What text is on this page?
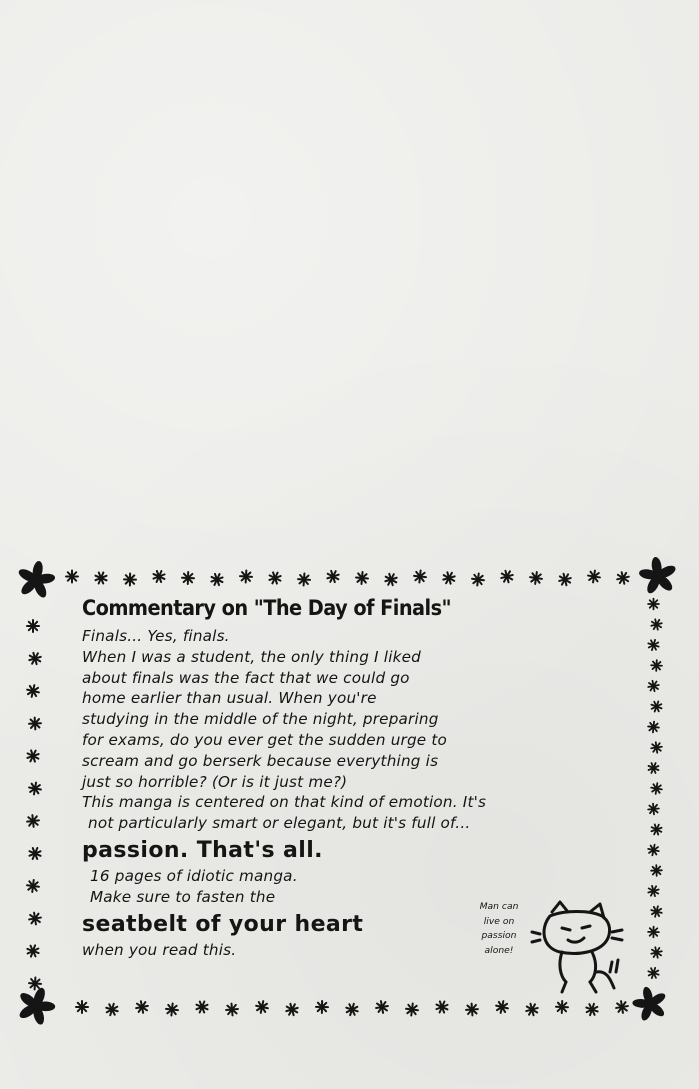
Commentary on "The Day of Finals"
Finals... Yes, finals.
When I was a student, the only thing I liked
about finals was the fact that we could go
home earlier than usual. When you're
studying in the middle of the night, preparing
for exams, do you ever get the sudden urge to
scream and go berserk because everything is
just so horrible? (Or is it just me?)
This manga is centered on that kind of emotion. It's
not particularly smart or elegant, but it's full of...
passion. That's all.
16 pages of idiotic manga.
Make sure to fasten the
seatbelt of your heart
when you read this.
Man can
live on
passion
alone!
